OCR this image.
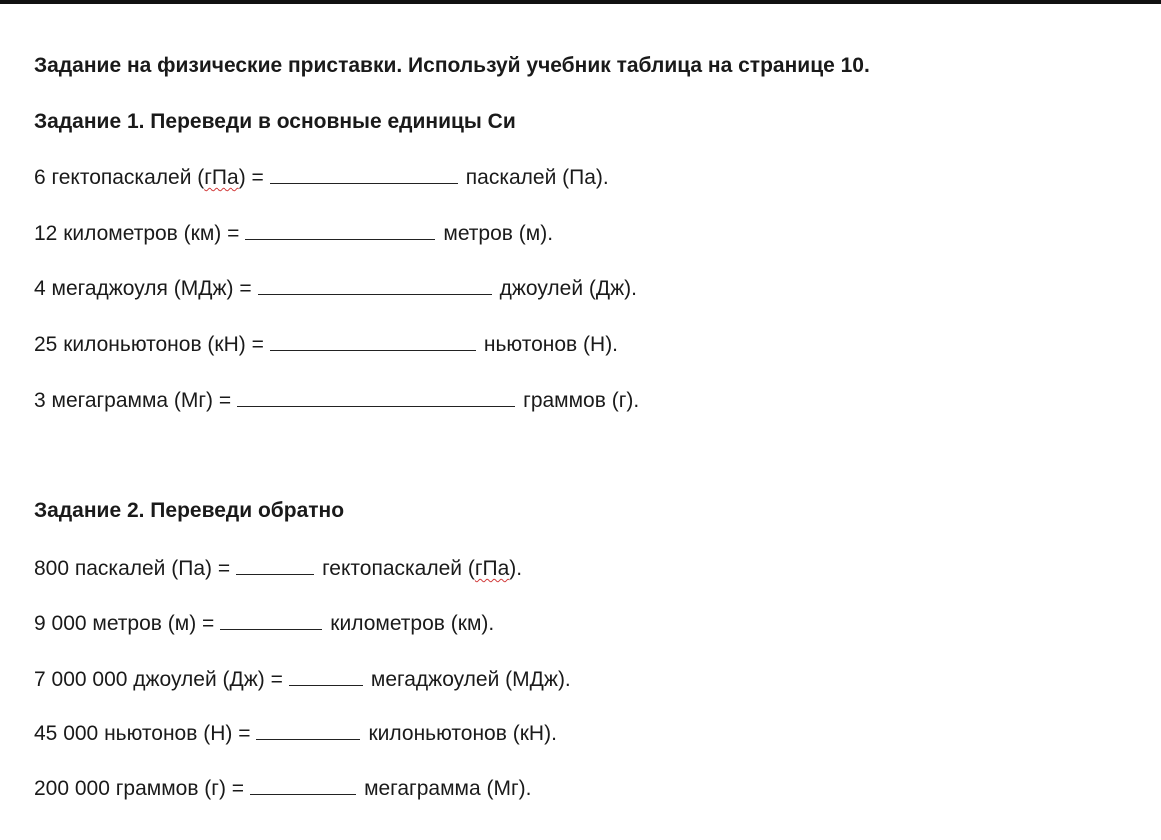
Задание на физические приставки. Используй учебник таблица на странице 10.
Задание 1. Переведи в основные единицы Си
6 гектопаскалей ( гПа ) =	паскалей (Па).
12 километров (км) =	метров (м).
4 мегаджоуля (МДж) =	джоулей (Дж).
25 килоньютонов (кН) =	ньютонов (Н).
3 мегаграмма (Мг) =	граммов (г).
Задание 2. Переведи обратно
800 паскалей (Па) =	гектопаскалей ( гПа ).
9 000 метров (м) =	километров (км).
7 000 000 джоулей (Дж) =	мегаджоулей (МДж).
45 000 ньютонов (Н) =	килоньютонов (кН).
200 000 граммов (г) =	мегаграмма (Мг).
